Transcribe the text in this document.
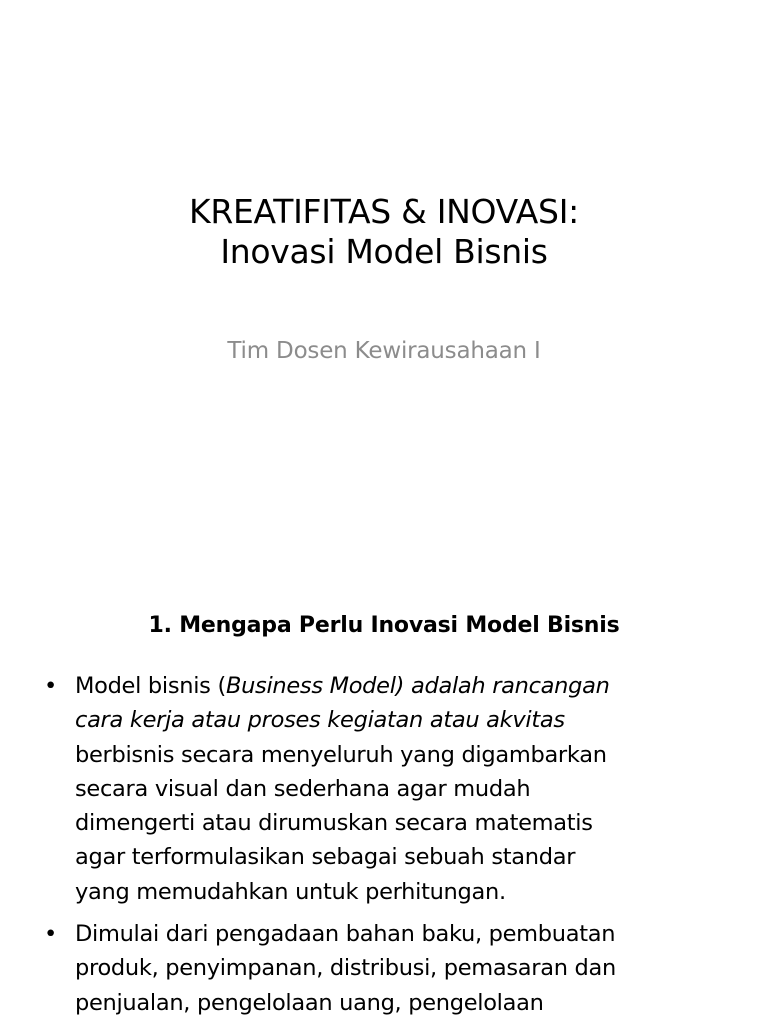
KREATIFITAS & INOVASI:
Inovasi Model Bisnis
Tim Dosen Kewirausahaan I
1. Mengapa Perlu Inovasi Model Bisnis
• Model bisnis (Business Model) adalah rancangan
cara kerja atau proses kegiatan atau akvitas
berbisnis secara menyeluruh yang digambarkan
secara visual dan sederhana agar mudah
dimengerti atau dirumuskan secara matematis
agar terformulasikan sebagai sebuah standar
yang memudahkan untuk perhitungan.
• Dimulai dari pengadaan bahan baku, pembuatan
produk, penyimpanan, distribusi, pemasaran dan
penjualan, pengelolaan uang, pengelolaan
